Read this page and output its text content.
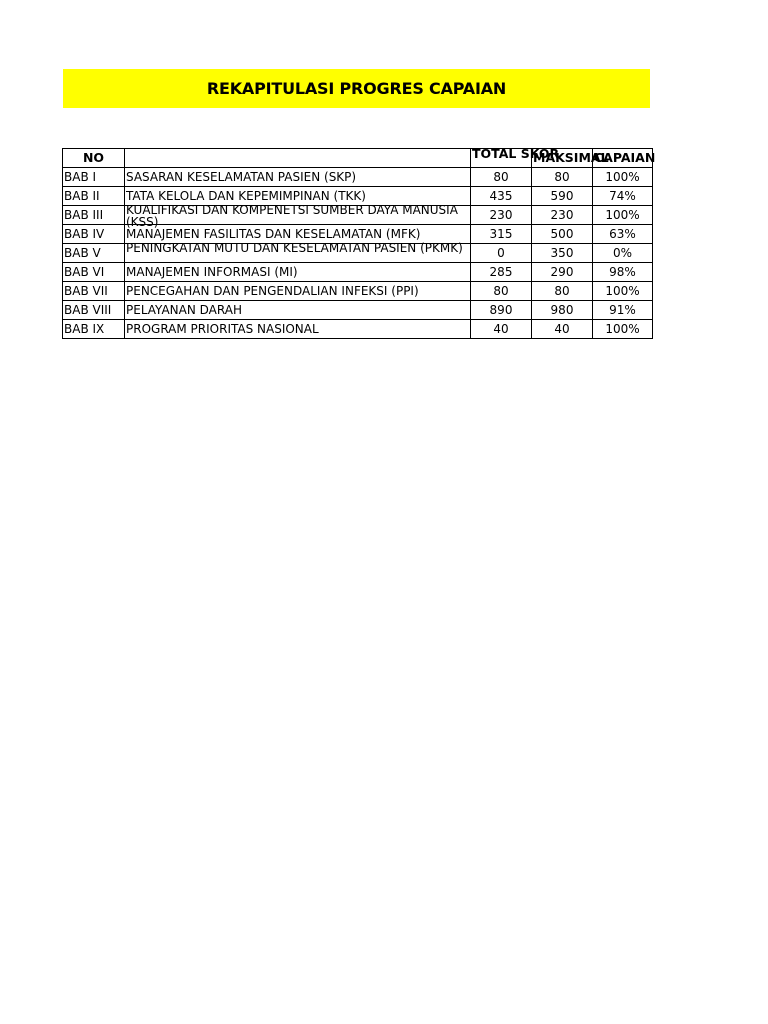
REKAPITULASI PROGRES CAPAIAN
NO		TOTAL SKOR	MAKSIMAL	CAPAIAN

BAB I	SASARAN KESELAMATAN PASIEN (SKP)	80	80	100%
BAB II	TATA KELOLA DAN KEPEMIMPINAN (TKK)	435	590	74%
BAB III	KUALIFIKASI DAN KOMPENETSI SUMBER DAYA MANUSIA (KSS)	230	230	100%
BAB IV	MANAJEMEN FASILITAS DAN KESELAMATAN (MFK)	315	500	63%
BAB V	PENINGKATAN MUTU DAN KESELAMATAN PASIEN (PKMK)	0	350	0%
BAB VI	MANAJEMEN INFORMASI (MI)	285	290	98%
BAB VII	PENCEGAHAN DAN PENGENDALIAN INFEKSI (PPI)	80	80	100%
BAB VIII	PELAYANAN DARAH	890	980	91%
BAB IX	PROGRAM PRIORITAS NASIONAL	40	40	100%
